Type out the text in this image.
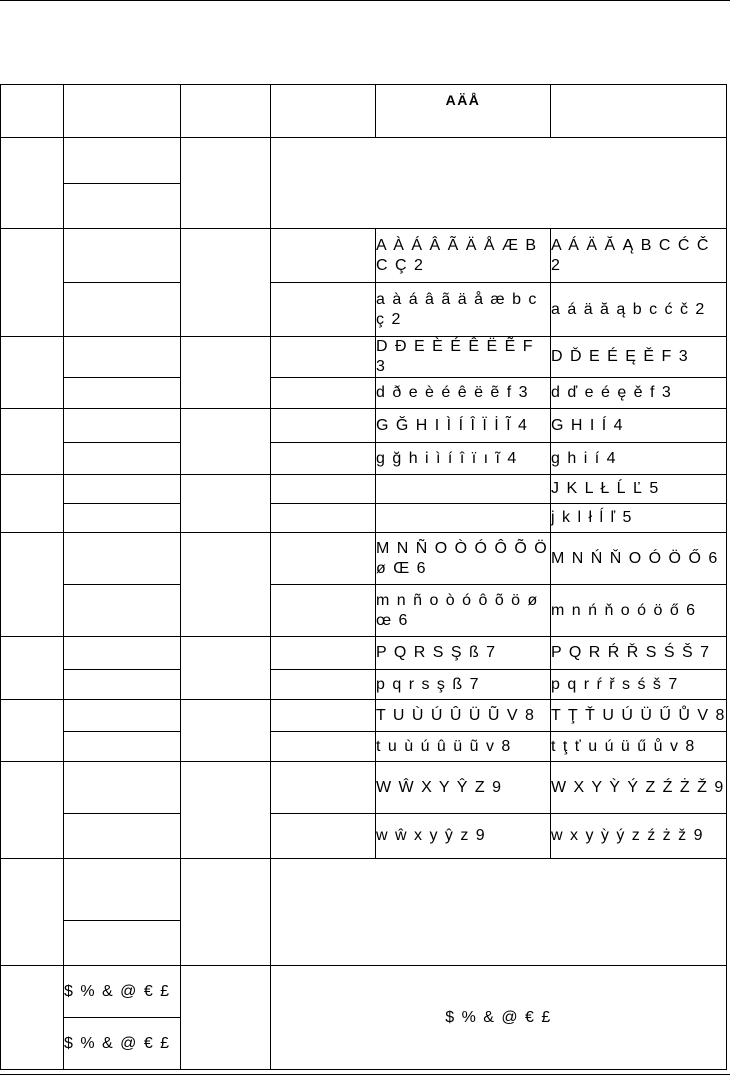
				AÄÅ	

				A À Á Â Ã Ä Å Æ B C Ç 2	A Á Ä Ă Ą B C Ć Č 2
				a à á â ã ä å æ b c ç 2	a á ä ă ą b c ć č 2
				D Đ E È É Ê Ë Ẽ F 3	D Ď E É Ę Ě F 3
				d ð e è é ê ë ẽ f 3	d ď e é ę ě f 3
				G Ğ H I Ì Í Î Ï İ Ĩ 4	G H I Í 4
				g ğ h i ì í î ï ı ĩ 4	g h i í 4
					J K L Ł Ĺ Ľ 5
					j k l ł ĺ ľ 5
				M N Ñ O Ò Ó Ô Õ Ö ø Œ 6	M N Ń Ň O Ó Ö Ő 6
				m n ñ o ò ó ô õ ö ø œ 6	m n ń ň o ó ö ő 6
				P Q R S Ş ß 7	P Q R Ŕ Ř S Ś Š 7
				p q r s ş ß 7	p q r ŕ ř s ś š 7
				T U Ù Ú Û Ü Ũ V 8	T Ţ Ť U Ú Ü Ű Ů V 8
				t u ù ú û ü ũ v 8	t ţ ť u ú ü ű ů v 8
				W Ŵ X Y Ŷ Z 9	W X Y Ỳ Ý Z Ź Ż Ž 9
				w ŵ x y ŷ z 9	w x y ỳ ý z ź ż ž 9

	$ % & @ € £		$ % & @ € £		
	$ % & @ € £				
